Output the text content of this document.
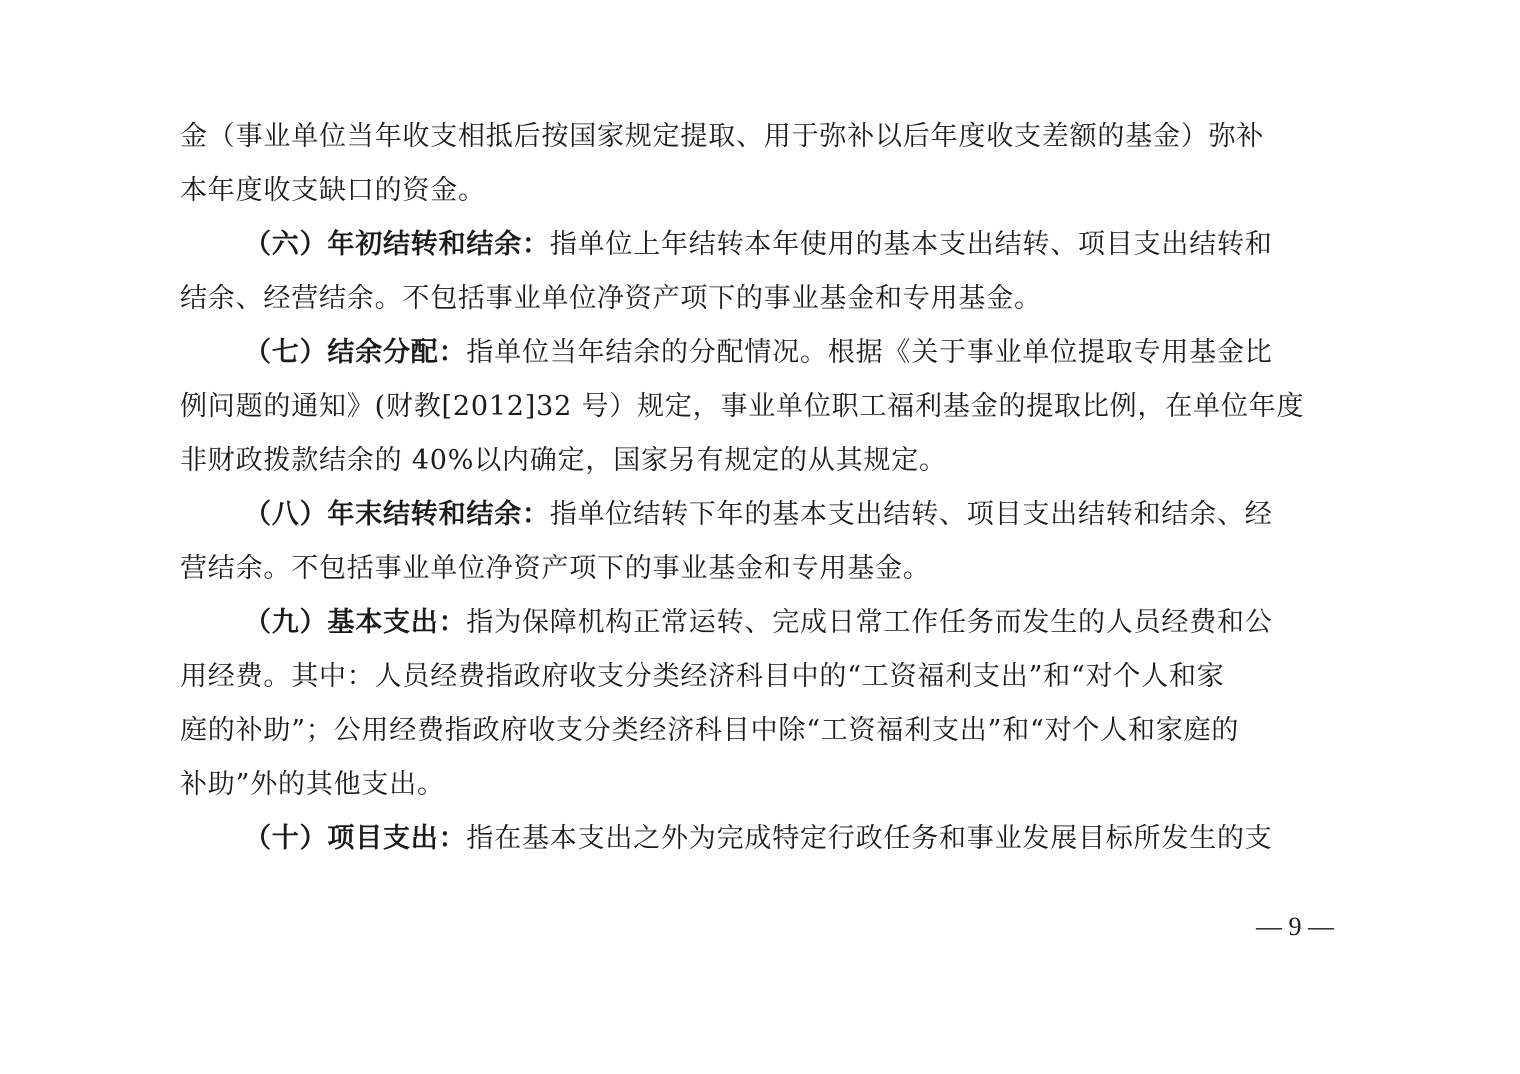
金（事业单位当年收支相抵后按国家规定提取、用于弥补以后年度收支差额的基金）弥补
本年度收支缺口的资金。
（六）年初结转和结余：指单位上年结转本年使用的基本支出结转、项目支出结转和
结余、经营结余。不包括事业单位净资产项下的事业基金和专用基金。
（七）结余分配：指单位当年结余的分配情况。根据《关于事业单位提取专用基金比
例问题的通知》(财教[2012]32 号）规定，事业单位职工福利基金的提取比例，在单位年度
非财政拨款结余的 40%以内确定，国家另有规定的从其规定。
（八）年末结转和结余：指单位结转下年的基本支出结转、项目支出结转和结余、经
营结余。不包括事业单位净资产项下的事业基金和专用基金。
（九）基本支出：指为保障机构正常运转、完成日常工作任务而发生的人员经费和公
用经费。其中：人员经费指政府收支分类经济科目中的“工资福利支出”和“对个人和家
庭的补助”；公用经费指政府收支分类经济科目中除“工资福利支出”和“对个人和家庭的
补助”外的其他支出。
（十）项目支出：指在基本支出之外为完成特定行政任务和事业发展目标所发生的支
— 9 —
